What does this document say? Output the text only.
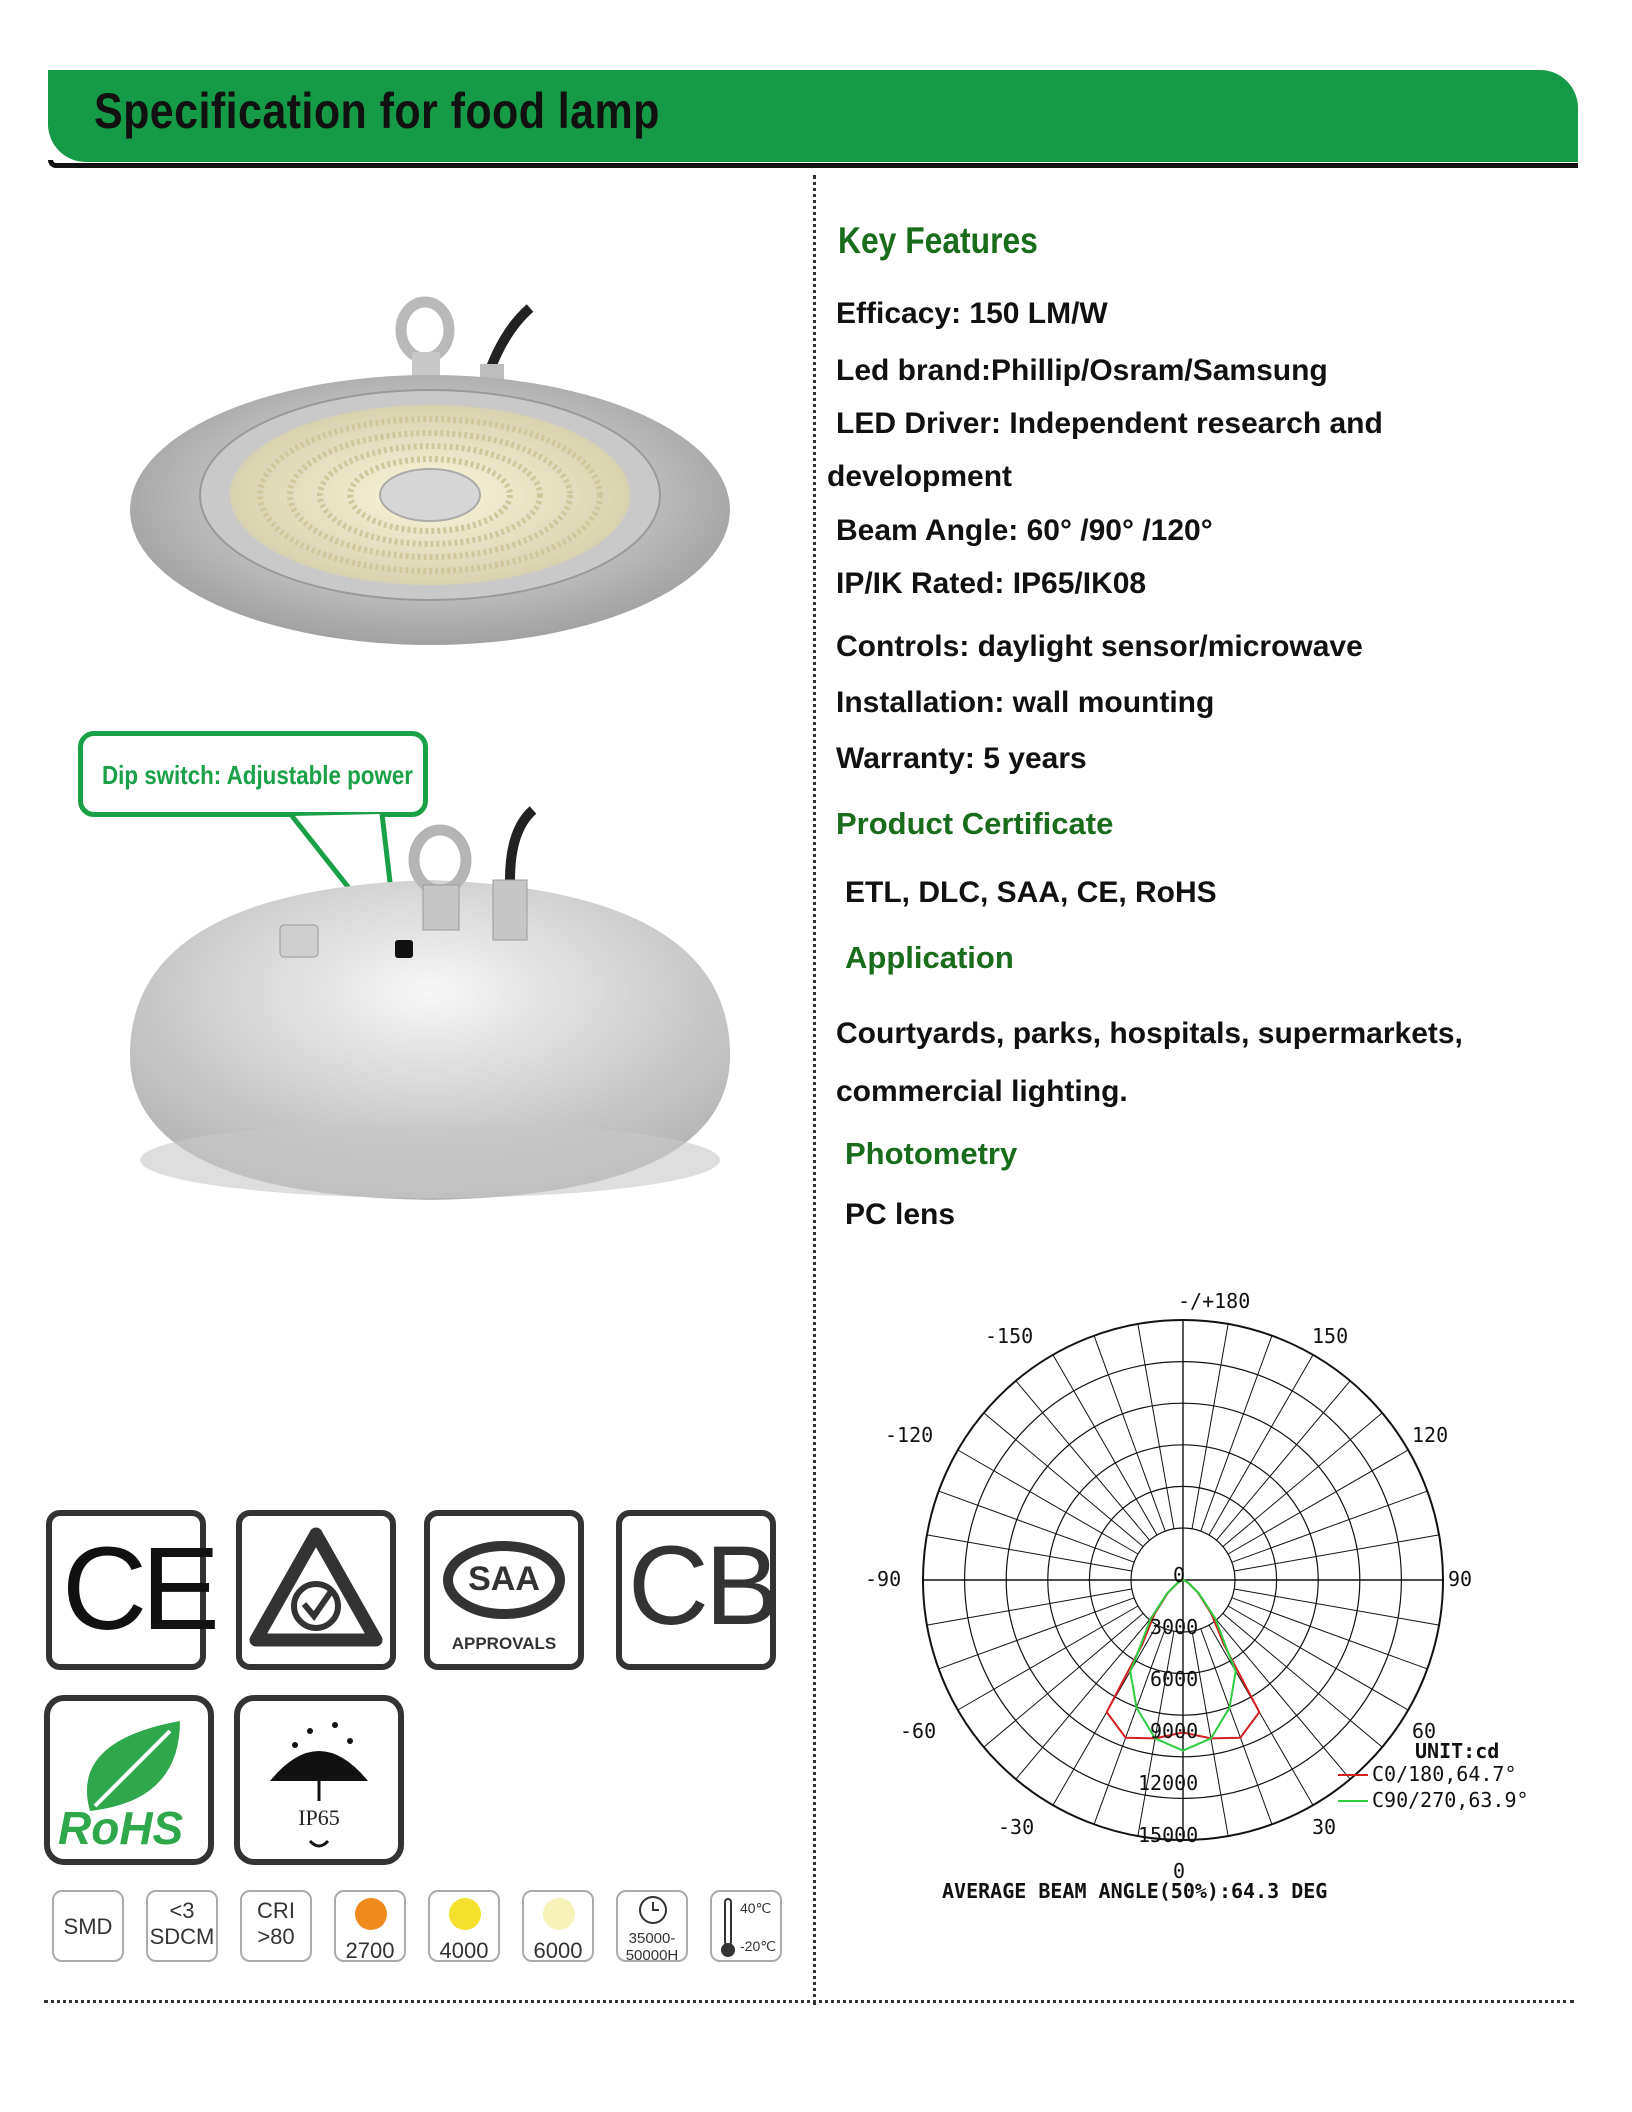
Specification for food lamp
Dip switch: Adjustable power
Key Features
Efficacy: 150 LM/W
Led brand:Phillip/Osram/Samsung
LED Driver: Independent research and
development
Beam Angle: 60° /90° /120°
IP/IK Rated: IP65/IK08
Controls: daylight sensor/microwave
Installation: wall mounting
Warranty: 5 years
Product Certificate
ETL, DLC, SAA, CE, RoHS
Application
Courtyards, parks, hospitals, supermarkets,
commercial lighting.
Photometry
PC lens
-/+180
-150	150
-120	120
-90	90
-60	60
-30	30
0
0
3000
6000
9000
12000
15000
UNIT:cd
C0/180,64.7°
C90/270,63.9°
AVERAGE BEAM ANGLE(50%):64.3 DEG
CE	SAA
APPROVALS CB
RoHS	IP65
SMD
<3
SDCM
CRI
>80
2700	4000	6000	35000-
50000H
40℃
-20℃
